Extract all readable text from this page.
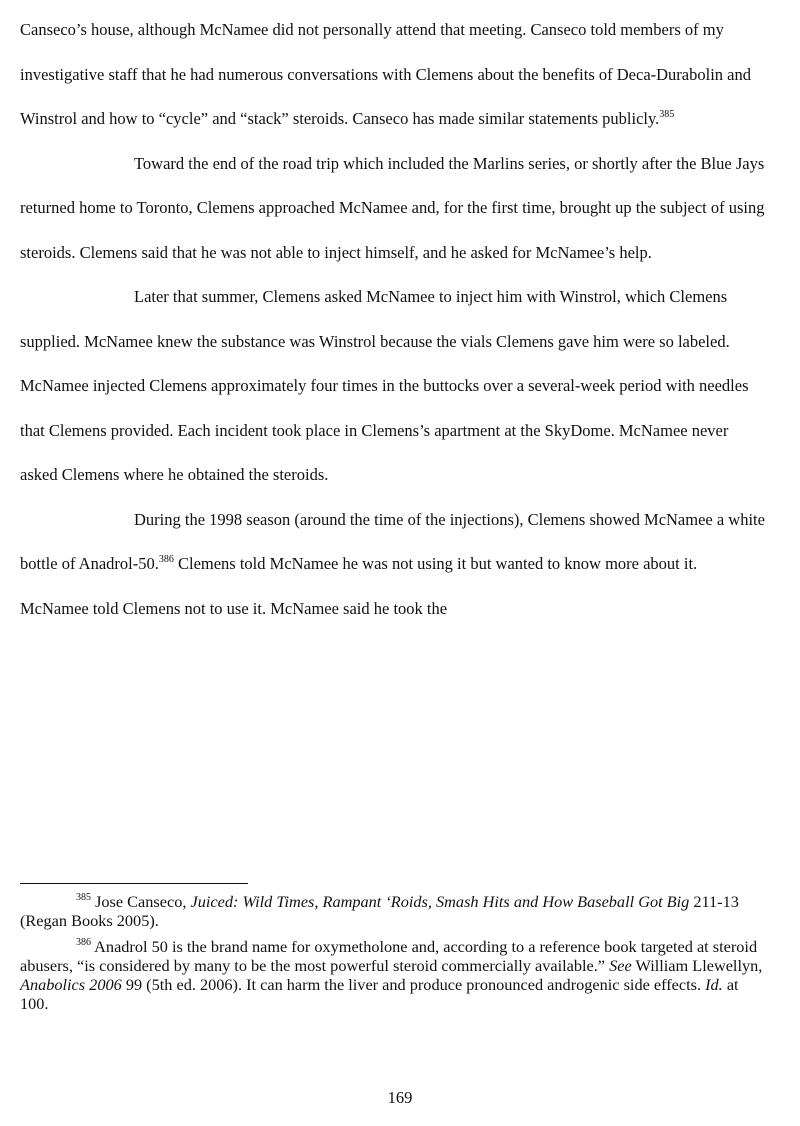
Canseco’s house, although McNamee did not personally attend that meeting. Canseco told members of my investigative staff that he had numerous conversations with Clemens about the benefits of Deca-Durabolin and Winstrol and how to “cycle” and “stack” steroids. Canseco has made similar statements publicly.$^{385}$

Toward the end of the road trip which included the Marlins series, or shortly after the Blue Jays returned home to Toronto, Clemens approached McNamee and, for the first time, brought up the subject of using steroids. Clemens said that he was not able to inject himself, and he asked for McNamee’s help.

Later that summer, Clemens asked McNamee to inject him with Winstrol, which Clemens supplied. McNamee knew the substance was Winstrol because the vials Clemens gave him were so labeled. McNamee injected Clemens approximately four times in the buttocks over a several-week period with needles that Clemens provided. Each incident took place in Clemens’s apartment at the SkyDome. McNamee never asked Clemens where he obtained the steroids.

During the 1998 season (around the time of the injections), Clemens showed McNamee a white bottle of Anadrol-50.$^{386}$ Clemens told McNamee he was not using it but wanted to know more about it. McNamee told Clemens not to use it. McNamee said he took the

$^{385}$ Jose Canseco, Juiced: Wild Times, Rampant ‘Roids, Smash Hits and How Baseball Got Big 211-13 (Regan Books 2005).

$^{386}$ Anadrol 50 is the brand name for oxymetholone and, according to a reference book targeted at steroid abusers, “is considered by many to be the most powerful steroid commercially available.” See William Llewellyn, Anabolics 2006 99 (5th ed. 2006). It can harm the liver and produce pronounced androgenic side effects. Id. at 100.

169
